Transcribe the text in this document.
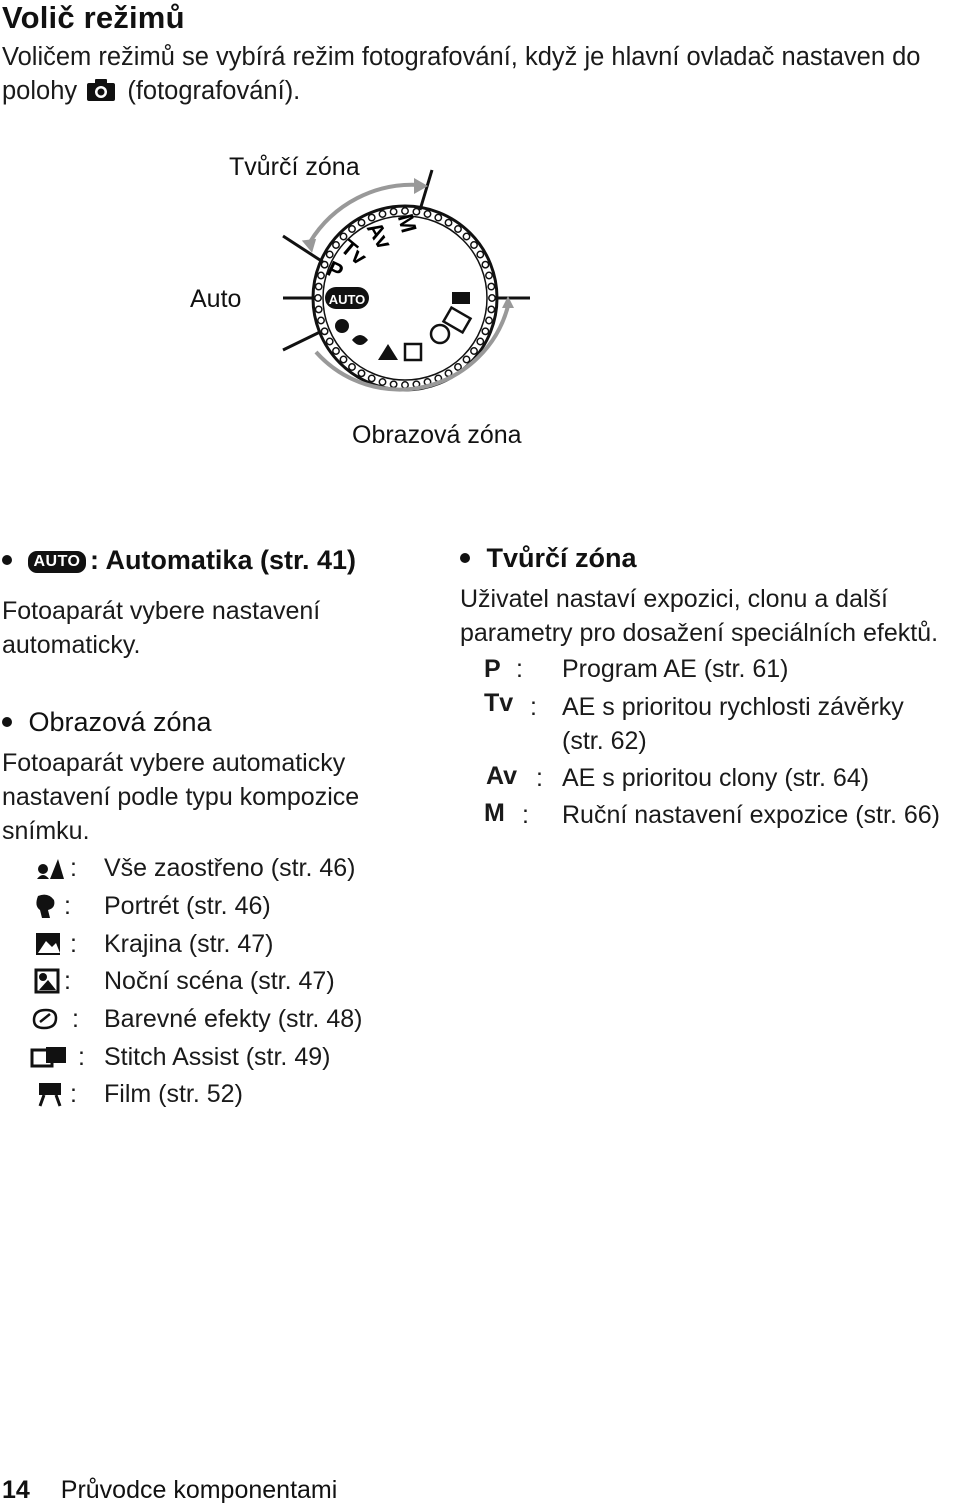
Volič režimů
Voličem režimů se vybírá režim fotografování, když je hlavní ovladač nastaven do polohy (fotografování).
Tvůrčí zóna
Auto
Obrazová zóna
P
Tv
Av
M
AUTO
AUTO : Automatika (str. 41)
Fotoaparát vybere nastavení automaticky.
Obrazová zóna
Fotoaparát vybere automaticky nastavení podle typu kompozice snímku.
: Vše zaostřeno (str. 46)
: Portrét (str. 46)
: Krajina (str. 47)
: Noční scéna (str. 47)
: Barevné efekty (str. 48)
: Stitch Assist (str. 49)
: Film (str. 52)
Tvůrčí zóna
Uživatel nastaví expozici, clonu a další parametry pro dosažení speciálních efektů.
P : Program AE (str. 61)
Tv : AE s prioritou rychlosti závěrky
(str. 62)
Av : AE s prioritou clony (str. 64)
M : Ruční nastavení expozice (str. 66)
14 Průvodce komponentami
